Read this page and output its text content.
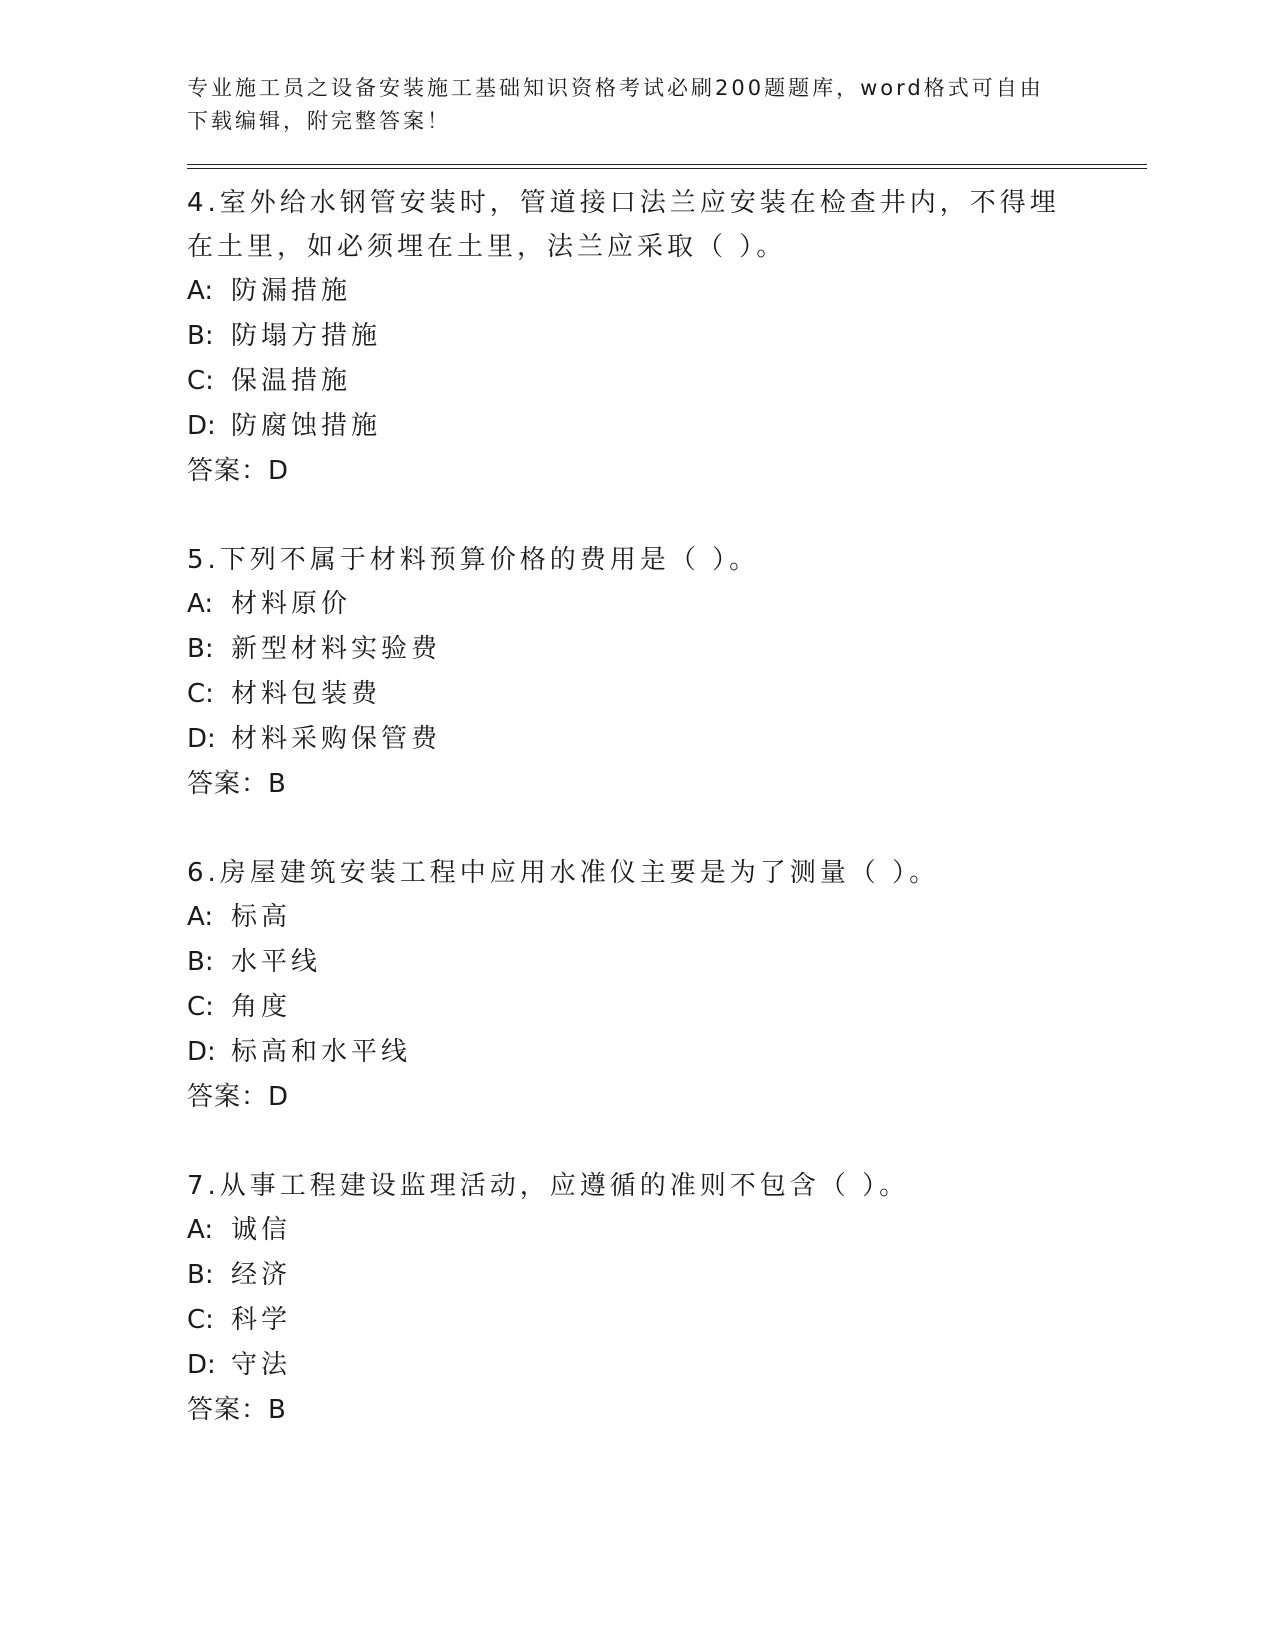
专业施工员之设备安装施工基础知识资格考试必刷200题题库，word格式可自由
下载编辑，附完整答案！

4.室外给水钢管安装时，管道接口法兰应安装在检查井内，不得埋在土里，如必须埋在土里，法兰应采取（ ）。

A: 防漏措施

B: 防塌方措施

C: 保温措施

D: 防腐蚀措施

答案：D

5.下列不属于材料预算价格的费用是（ ）。

A: 材料原价

B: 新型材料实验费

C: 材料包装费

D: 材料采购保管费

答案：B

6.房屋建筑安装工程中应用水准仪主要是为了测量（ ）。

A: 标高

B: 水平线

C: 角度

D: 标高和水平线

答案：D

7.从事工程建设监理活动，应遵循的准则不包含（ ）。

A: 诚信

B: 经济

C: 科学

D: 守法

答案：B
